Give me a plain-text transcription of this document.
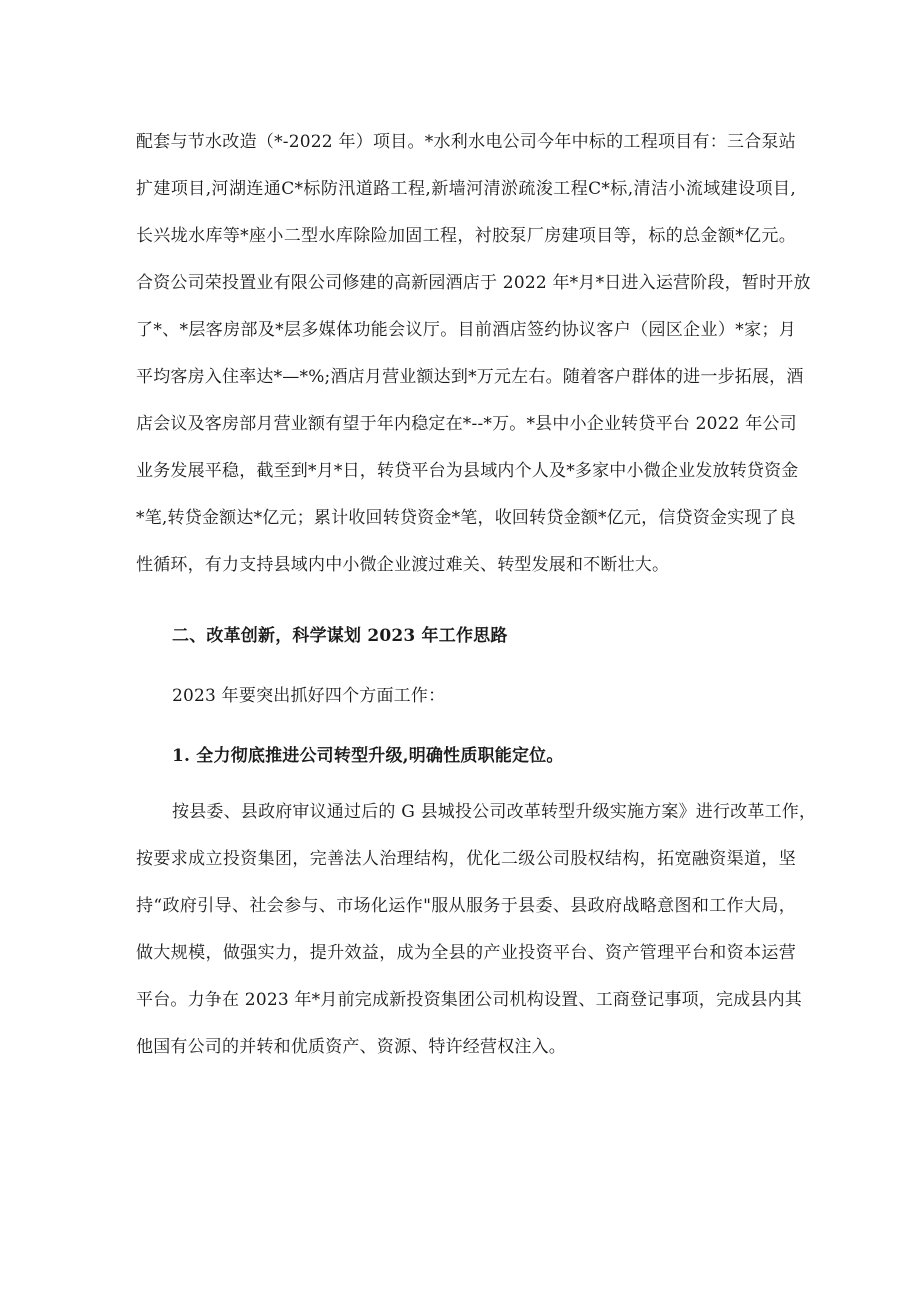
配套与节水改造（*-2022 年）项目。*水利水电公司今年中标的工程项目有：三合泵站
扩建项目,河湖连通C*标防汛道路工程,新墙河清淤疏浚工程C*标,清洁小流域建设项目,
长兴垅水库等*座小二型水库除险加固工程，衬胶泵厂房建项目等，标的总金额*亿元。
合资公司荣投置业有限公司修建的高新园酒店于 2022 年*月*日进入运营阶段，暂时开放
了*、*层客房部及*层多媒体功能会议厅。目前酒店签约协议客户（园区企业）*家；月
平均客房入住率达*—*%;酒店月营业额达到*万元左右。随着客户群体的进一步拓展，酒
店会议及客房部月营业额有望于年内稳定在*--*万。*县中小企业转贷平台 2022 年公司
业务发展平稳，截至到*月*日，转贷平台为县域内个人及*多家中小微企业发放转贷资金
*笔,转贷金额达*亿元；累计收回转贷资金*笔，收回转贷金额*亿元，信贷资金实现了良
性循环，有力支持县域内中小微企业渡过难关、转型发展和不断壮大。
二、改革创新，科学谋划 2023 年工作思路
2023 年要突出抓好四个方面工作：
1. 全力彻底推进公司转型升级,明确性质职能定位。
按县委、县政府审议通过后的 G 县城投公司改革转型升级实施方案》进行改革工作，
按要求成立投资集团，完善法人治理结构，优化二级公司股权结构，拓宽融资渠道，坚
持“政府引导、社会参与、市场化运作"服从服务于县委、县政府战略意图和工作大局，
做大规模，做强实力，提升效益，成为全县的产业投资平台、资产管理平台和资本运营
平台。力争在 2023 年*月前完成新投资集团公司机构设置、工商登记事项，完成县内其
他国有公司的并转和优质资产、资源、特许经营权注入。
